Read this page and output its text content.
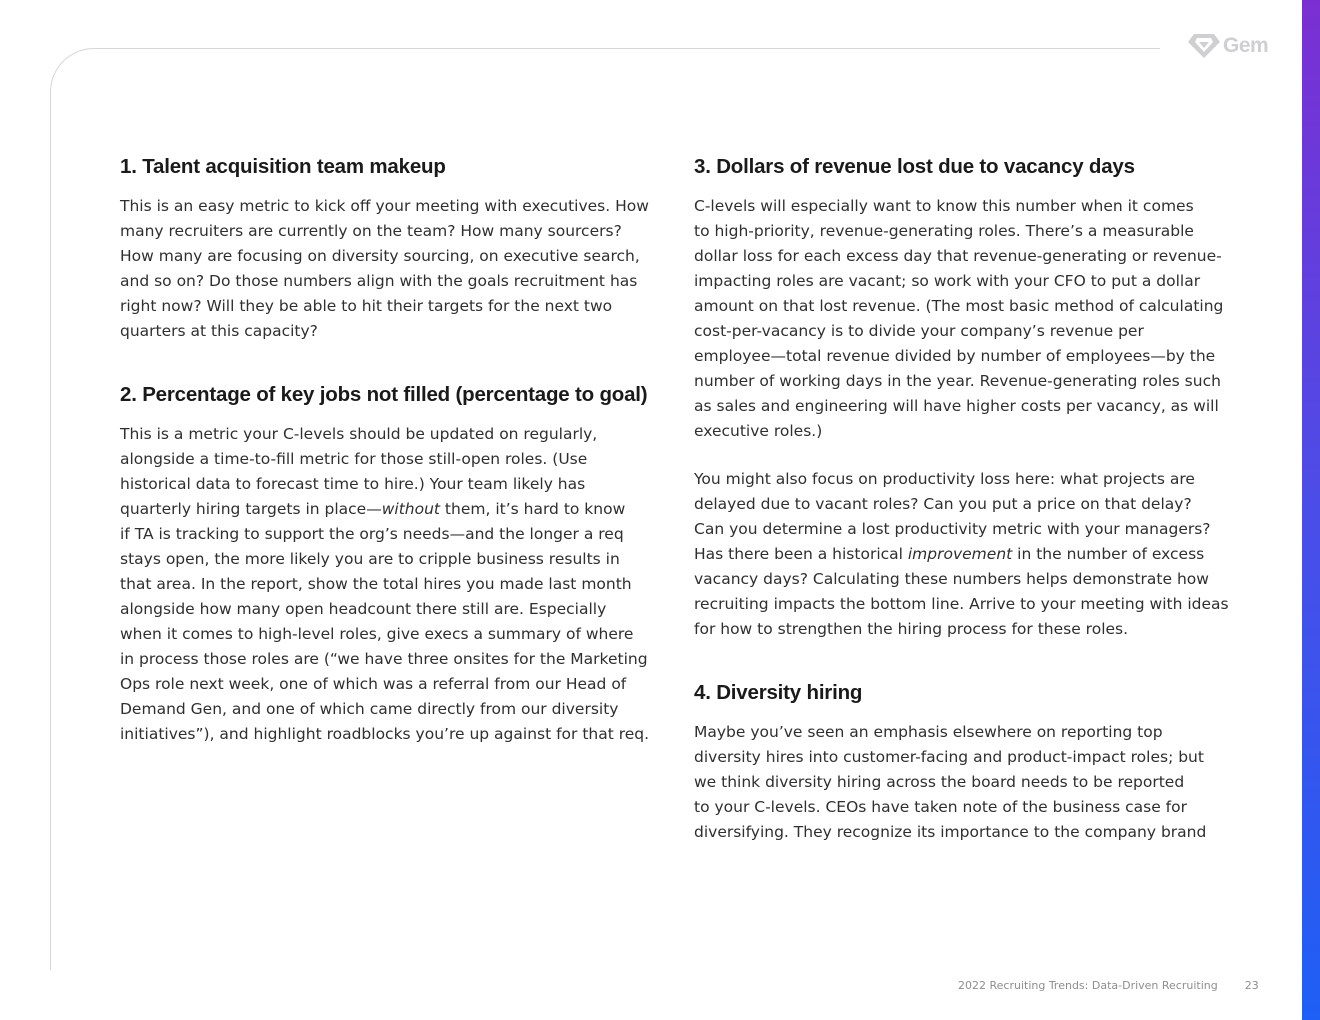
Gem
1. Talent acquisition team makeup

This is an easy metric to kick off your meeting with executives. How
many recruiters are currently on the team? How many sourcers?
How many are focusing on diversity sourcing, on executive search,
and so on? Do those numbers align with the goals recruitment has
right now? Will they be able to hit their targets for the next two
quarters at this capacity?

2. Percentage of key jobs not filled (percentage to goal)

This is a metric your C-levels should be updated on regularly,
alongside a time-to-fill metric for those still-open roles. (Use
historical data to forecast time to hire.) Your team likely has
quarterly hiring targets in place—without them, it’s hard to know
if TA is tracking to support the org’s needs—and the longer a req
stays open, the more likely you are to cripple business results in
that area. In the report, show the total hires you made last month
alongside how many open headcount there still are. Especially
when it comes to high-level roles, give execs a summary of where
in process those roles are (“we have three onsites for the Marketing
Ops role next week, one of which was a referral from our Head of
Demand Gen, and one of which came directly from our diversity
initiatives”), and highlight roadblocks you’re up against for that req.

3. Dollars of revenue lost due to vacancy days

C-levels will especially want to know this number when it comes
to high-priority, revenue-generating roles. There’s a measurable
dollar loss for each excess day that revenue-generating or revenue-
impacting roles are vacant; so work with your CFO to put a dollar
amount on that lost revenue. (The most basic method of calculating
cost-per-vacancy is to divide your company’s revenue per
employee—total revenue divided by number of employees—by the
number of working days in the year. Revenue-generating roles such
as sales and engineering will have higher costs per vacancy, as will
executive roles.)

You might also focus on productivity loss here: what projects are
delayed due to vacant roles? Can you put a price on that delay?
Can you determine a lost productivity metric with your managers?
Has there been a historical improvement in the number of excess
vacancy days? Calculating these numbers helps demonstrate how
recruiting impacts the bottom line. Arrive to your meeting with ideas
for how to strengthen the hiring process for these roles.

4. Diversity hiring

Maybe you’ve seen an emphasis elsewhere on reporting top
diversity hires into customer-facing and product-impact roles; but
we think diversity hiring across the board needs to be reported
to your C-levels. CEOs have taken note of the business case for
diversifying. They recognize its importance to the company brand

2022 Recruiting Trends: Data-Driven Recruiting 23
